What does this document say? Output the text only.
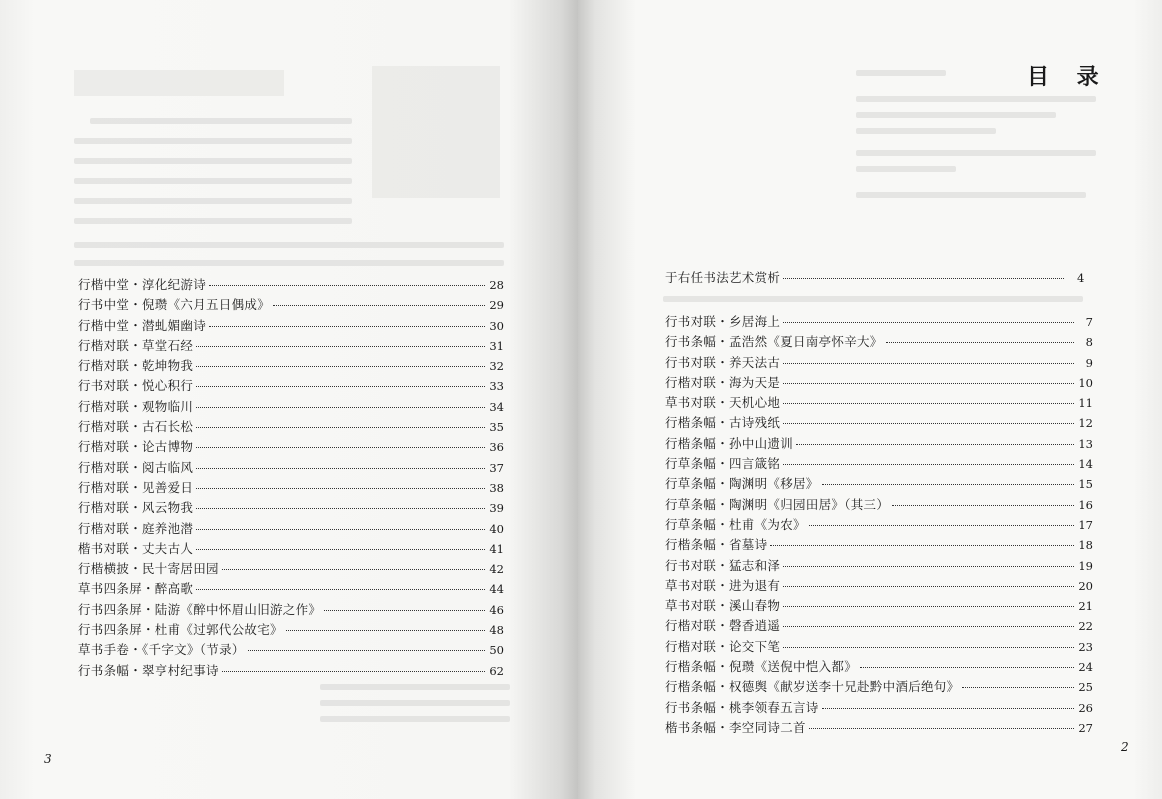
行楷中堂・淳化纪游诗	28
行书中堂・倪瓒《六月五日偶成》	29
行楷中堂・潜虬媚幽诗	30
行楷对联・草堂石经	31
行楷对联・乾坤物我	32
行书对联・悦心积行	33
行楷对联・观物临川	34
行楷对联・古石长松	35
行楷对联・论古博物	36
行楷对联・阅古临风	37
行楷对联・见善爱日	38
行楷对联・风云物我	39
行楷对联・庭养池潜	40
楷书对联・丈夫古人	41
行楷横披・民十寄居田园	42
草书四条屏・醉高歌	44
行书四条屏・陆游《醉中怀眉山旧游之作》	46
行书四条屏・杜甫《过郭代公故宅》	48
草书手卷・《千字文》（节录）	50
行书条幅・翠亨村纪事诗	62
3
目 录
2
于右任书法艺术赏析	4
行书对联・乡居海上	7
行书条幅・孟浩然《夏日南亭怀辛大》	8
行书对联・养天法古	9
行楷对联・海为天是	10
草书对联・天机心地	11
行楷条幅・古诗残纸	12
行楷条幅・孙中山遗训	13
行草条幅・四言箴铭	14
行草条幅・陶渊明《移居》	15
行草条幅・陶渊明《归园田居》（其三）	16
行草条幅・杜甫《为农》	17
行楷条幅・省墓诗	18
行书对联・猛志和泽	19
草书对联・进为退有	20
草书对联・溪山春物	21
行楷对联・磬香逍遥	22
行楷对联・论交下笔	23
行楷条幅・倪瓒《送倪中恺入都》	24
行楷条幅・权德舆《献岁送李十兄赴黔中酒后绝句》	25
行书条幅・桃李领春五言诗	26
楷书条幅・李空同诗二首	27
